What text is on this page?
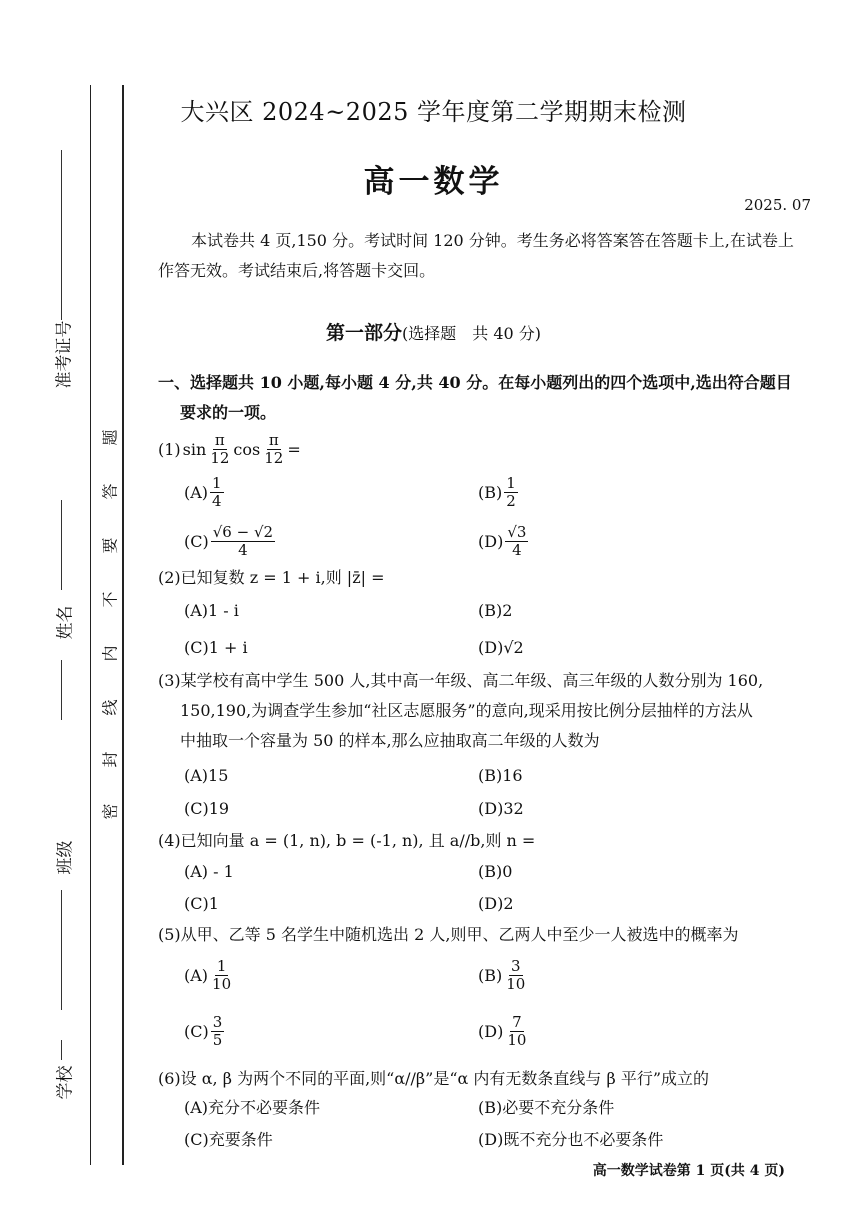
准考证号
姓名
班级
学校
密
封
线
内
不
要
答
题
大兴区 2024~2025 学年度第二学期期末检测
高一数学
2025. 07
本试卷共 4 页,150 分。考试时间 120 分钟。考生务必将答案答在答题卡上,在试卷上作答无效。考试结束后,将答题卡交回。
第一部分(选择题　共 40 分)
一、选择题共 10 小题,每小题 4 分,共 40 分。在每小题列出的四个选项中,选出符合题目
要求的一项。
(1) $\sin \frac{\pi}{12}$ $\cos \frac{\pi}{12}$ =
$(A) \frac{1}{4}$	$(B) \frac{1}{2}$
$(C) \frac{√6 - √2}{4}$	$(D) \frac{√3}{4}$
(2)已知复数 z = 1 + i,则 |z̄| =
(A)1 - i	(B)2
(C)1 + i	(D)√2
(3)某学校有高中学生 500 人,其中高一年级、高二年级、高三年级的人数分别为 160,
150,190,为调查学生参加“社区志愿服务”的意向,现采用按比例分层抽样的方法从
中抽取一个容量为 50 的样本,那么应抽取高二年级的人数为
(A)15	(B)16
(C)19	(D)32
(4)已知向量 a = (1, n), b = (-1, n), 且 a//b,则 n =
(A) - 1	(B)0
(C)1	(D)2
(5)从甲、乙等 5 名学生中随机选出 2 人,则甲、乙两人中至少一人被选中的概率为
$(A) \frac{1}{10}$	$(B) \frac{3}{10}$
$(C) \frac{3}{5}$	$(D) \frac{7}{10}$
(6)设 α, β 为两个不同的平面,则“α//β”是“α 内有无数条直线与 β 平行”成立的
(A)充分不必要条件	(B)必要不充分条件
(C)充要条件	(D)既不充分也不必要条件
高一数学试卷第 1 页(共 4 页)
